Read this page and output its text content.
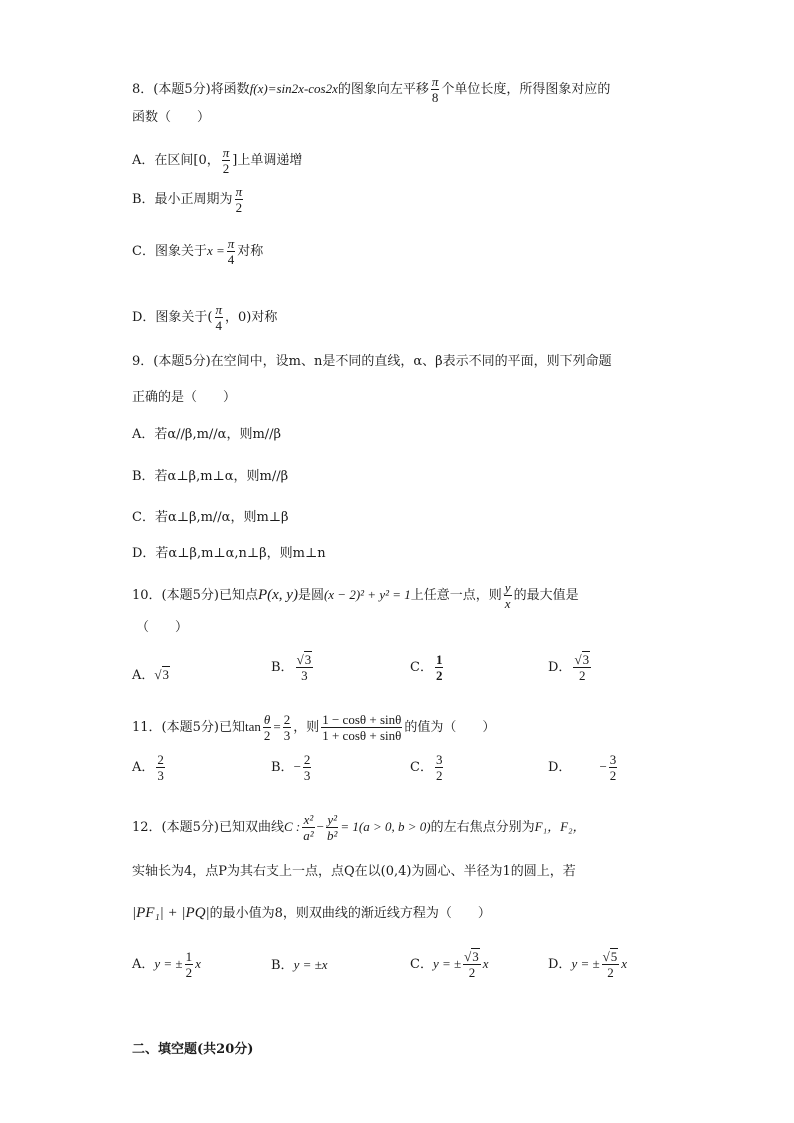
8．(本题5分)将函数f(x)=sin2x-cos2x的图象向左平移 $\frac{\pi}{8}$ 个单位长度，所得图象对应的
函数（　　）
A．在区间[0， $\frac{\pi}{2}$ ]上单调递增
B．最小正周期为 $\frac{\pi}{2}$
C．图象关于$x = \frac{\pi}{4}$ 对称
D．图象关于( $\frac{\pi}{4}$ ，0)对称
9．(本题5分)在空间中，设m、n是不同的直线，α、β表示不同的平面，则下列命题
正确的是（　　）
A．若α//β,m//α，则m//β
B．若α⊥β,m⊥α，则m//β
C．若α⊥β,m//α，则m⊥β
D．若α⊥β,m⊥α,n⊥β，则m⊥n
10．(本题5分)已知点P(x, y)是圆(x − 2)² + y² = 1上任意一点，则 $\frac{y}{x}$ 的最大值是
（　　）
A．√3	B． $\frac{√3}{3}$	C． $\frac{1}{2}$	D． $\frac{√3}{2}$
11．(本题5分)已知$\tan \frac{\theta}{2} = \frac{2}{3}$ ，则 $\frac{1 - \cos\theta + \sin\theta}{1 + \cos\theta + \sin\theta}$ 的值为（　　）
A． $\frac{2}{3}$	B．− $\frac{2}{3}$	C． $\frac{3}{2}$	D． − $\frac{3}{2}$
12．(本题5分)已知双曲线C : $\frac{\text{x²}}{\text{a²}} - \frac{\text{y²}}{\text{b²}} = 1(a > 0$, b > 0)的左右焦点分别为F₁，F₂，
实轴长为4，点P为其右支上一点，点Q在以(0,4)为圆心、半径为1的圆上，若
|PF₁| + |PQ|的最小值为8，则双曲线的渐近线方程为（　　）
A．y = ± $\frac{1}{2}$ x	B．y = ±x	C．y = ± $\frac{√3}{2}$ x	D．y = ± $\frac{√5}{2}$ x
二、填空题(共20分)
